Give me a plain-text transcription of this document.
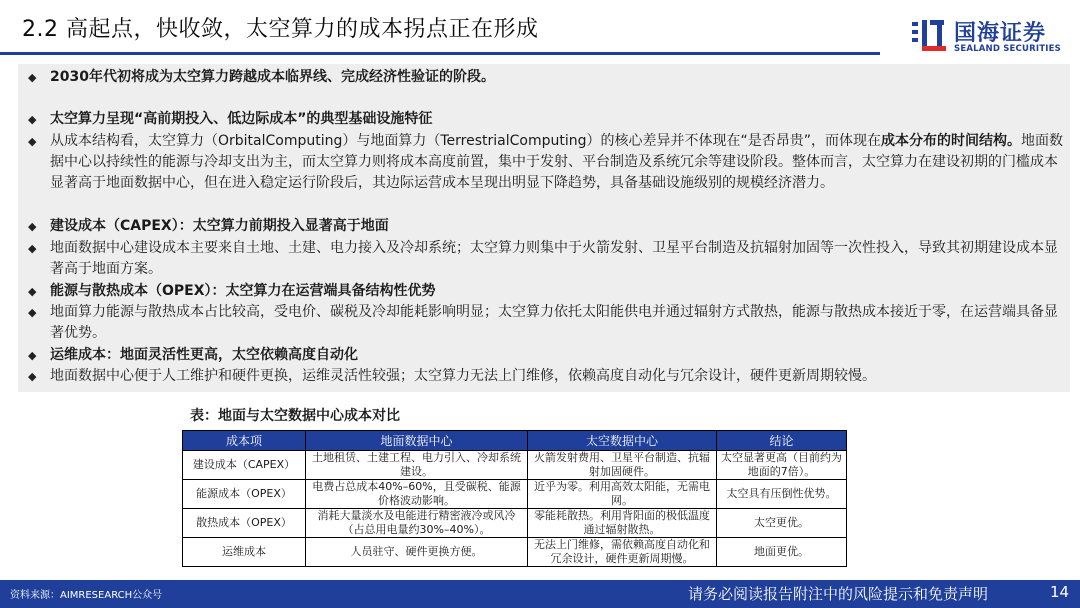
2.2 高起点，快收敛，太空算力的成本拐点正在形成	国海证券
SEALAND SECURITIES
◆ 2030年代初将成为太空算力跨越成本临界线、完成经济性验证的阶段。
◆ 太空算力呈现“高前期投入、低边际成本”的典型基础设施特征
◆ 从成本结构看，太空算力（OrbitalComputing）与地面算力（TerrestrialComputing）的核心差异并不体现在“是否昂贵”，而体现在成本分布的时间结构。地面数据中心以持续性的能源与冷却支出为主，而太空算力则将成本高度前置，集中于发射、平台制造及系统冗余等建设阶段。整体而言，太空算力在建设初期的门槛成本显著高于地面数据中心，但在进入稳定运行阶段后，其边际运营成本呈现出明显下降趋势，具备基础设施级别的规模经济潜力。
◆ 建设成本（CAPEX）：太空算力前期投入显著高于地面
◆ 地面数据中心建设成本主要来自土地、土建、电力接入及冷却系统；太空算力则集中于火箭发射、卫星平台制造及抗辐射加固等一次性投入，导致其初期建设成本显著高于地面方案。
◆ 能源与散热成本（OPEX）：太空算力在运营端具备结构性优势
◆ 地面算力能源与散热成本占比较高，受电价、碳税及冷却能耗影响明显；太空算力依托太阳能供电并通过辐射方式散热，能源与散热成本接近于零，在运营端具备显著优势。
◆ 运维成本：地面灵活性更高，太空依赖高度自动化
◆ 地面数据中心便于人工维护和硬件更换，运维灵活性较强；太空算力无法上门维修，依赖高度自动化与冗余设计，硬件更新周期较慢。
表：地面与太空数据中心成本对比
成本项	地面数据中心	太空数据中心	结论
建设成本（CAPEX）	土地租赁、土建工程、电力引入、冷却系统建设。	火箭发射费用、卫星平台制造、抗辐射加固硬件。	太空显著更高（目前约为地面的7倍）。
能源成本（OPEX）	电费占总成本40%–60%，且受碳税、能源价格波动影响。	近乎为零。利用高效太阳能，无需电网。	太空具有压倒性优势。
散热成本（OPEX）	消耗大量淡水及电能进行精密液冷或风冷（占总用电量约30%–40%）。	零能耗散热。利用背阳面的极低温度通过辐射散热。	太空更优。
运维成本	人员驻守、硬件更换方便。	无法上门维修，需依赖高度自动化和冗余设计，硬件更新周期慢。	地面更优。
资料来源：AIMRESEARCH公众号	请务必阅读报告附注中的风险提示和免责声明	14
